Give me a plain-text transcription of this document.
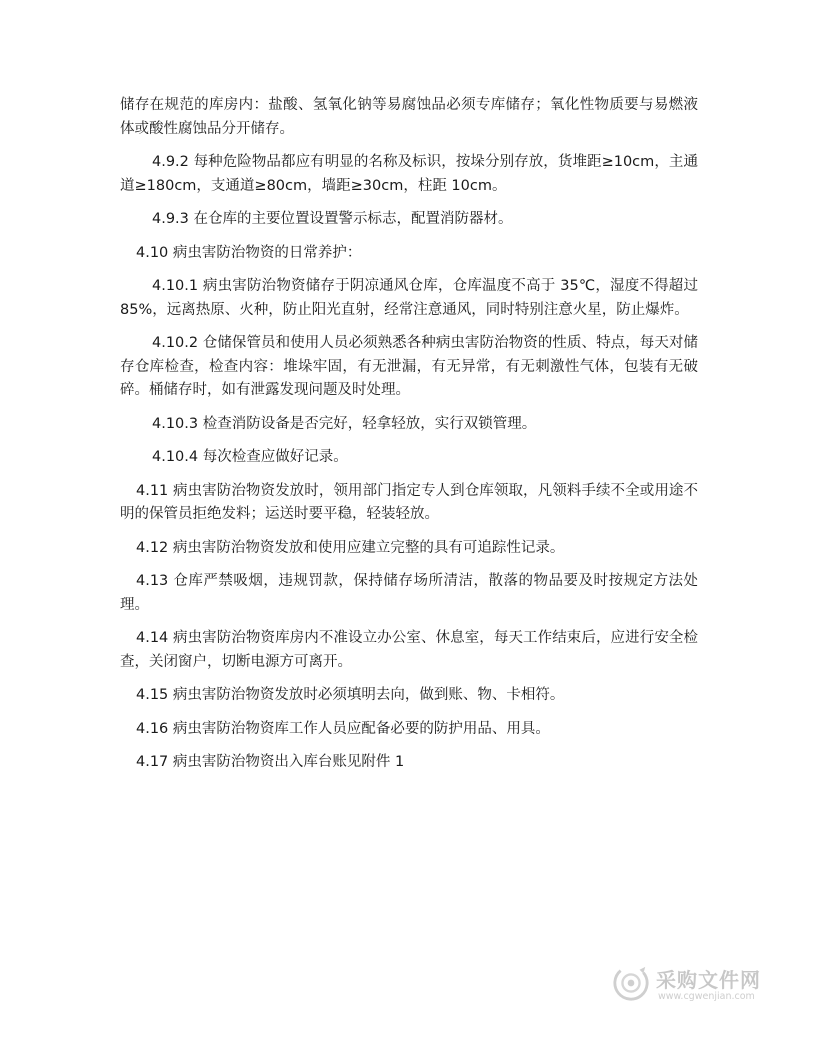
储存在规范的库房内：盐酸、氢氧化钠等易腐蚀品必须专库储存；氧化性物质要与易燃液体或酸性腐蚀品分开储存。

4.9.2 每种危险物品都应有明显的名称及标识，按垛分别存放，货堆距≥10cm，主通道≥180cm，支通道≥80cm，墙距≥30cm，柱距 10cm。

4.9.3 在仓库的主要位置设置警示标志，配置消防器材。

4.10 病虫害防治物资的日常养护：

4.10.1 病虫害防治物资储存于阴凉通风仓库，仓库温度不高于 35℃，湿度不得超过 85%，远离热原、火种，防止阳光直射，经常注意通风，同时特别注意火星，防止爆炸。

4.10.2 仓储保管员和使用人员必须熟悉各种病虫害防治物资的性质、特点，每天对储存仓库检查，检查内容：堆垛牢固，有无泄漏，有无异常，有无刺激性气体，包装有无破碎。桶储存时，如有泄露发现问题及时处理。

4.10.3 检查消防设备是否完好，轻拿轻放，实行双锁管理。

4.10.4 每次检查应做好记录。

4.11 病虫害防治物资发放时，领用部门指定专人到仓库领取，凡领料手续不全或用途不明的保管员拒绝发料；运送时要平稳，轻装轻放。

4.12 病虫害防治物资发放和使用应建立完整的具有可追踪性记录。

4.13 仓库严禁吸烟，违规罚款，保持储存场所清洁，散落的物品要及时按规定方法处理。

4.14 病虫害防治物资库房内不准设立办公室、休息室，每天工作结束后，应进行安全检查，关闭窗户，切断电源方可离开。

4.15 病虫害防治物资发放时必须填明去向，做到账、物、卡相符。

4.16 病虫害防治物资库工作人员应配备必要的防护用品、用具。

4.17 病虫害防治物资出入库台账见附件 1

采购文件网
www.cgwenjian.com
